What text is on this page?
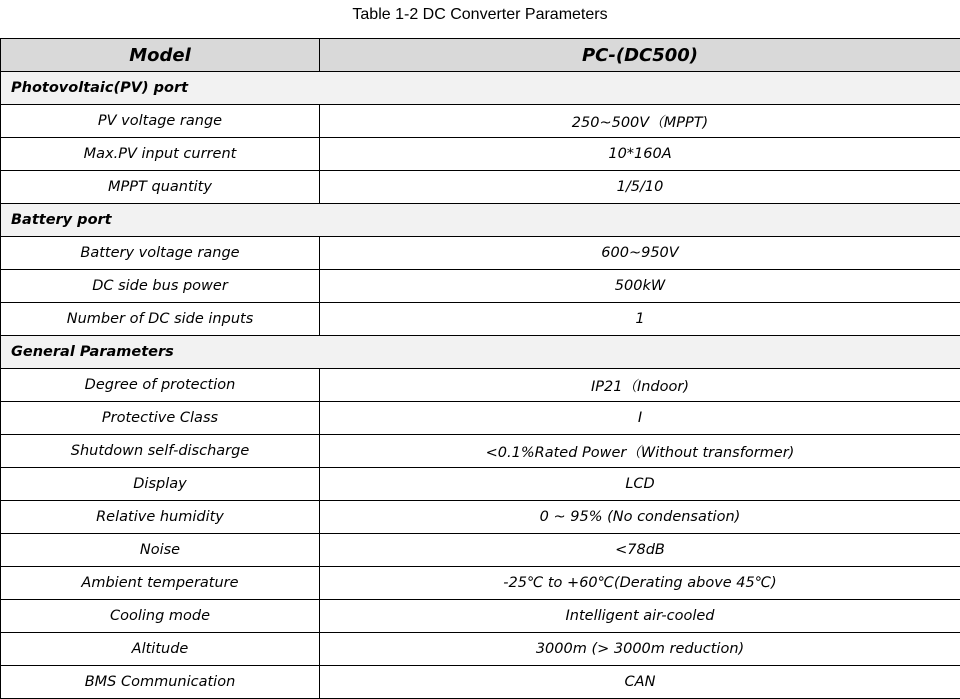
Table 1-2 DC Converter Parameters
Model	PC-(DC500)
Photovoltaic(PV) port	
PV voltage range	250~500V（MPPT)
Max.PV input current	10*160A
MPPT quantity	1/5/10
Battery port	
Battery voltage range	600~950V
DC side bus power	500kW
Number of DC side inputs	1
General Parameters	
Degree of protection	IP21（Indoor)
Protective Class	I
Shutdown self-discharge	<0.1%Rated Power（Without transformer)
Display	LCD
Relative humidity	0 ~ 95% (No condensation)
Noise	<78dB
Ambient temperature	-25℃ to +60℃(Derating above 45℃)
Cooling mode	Intelligent air-cooled
Altitude	3000m (> 3000m reduction)
BMS Communication	CAN
